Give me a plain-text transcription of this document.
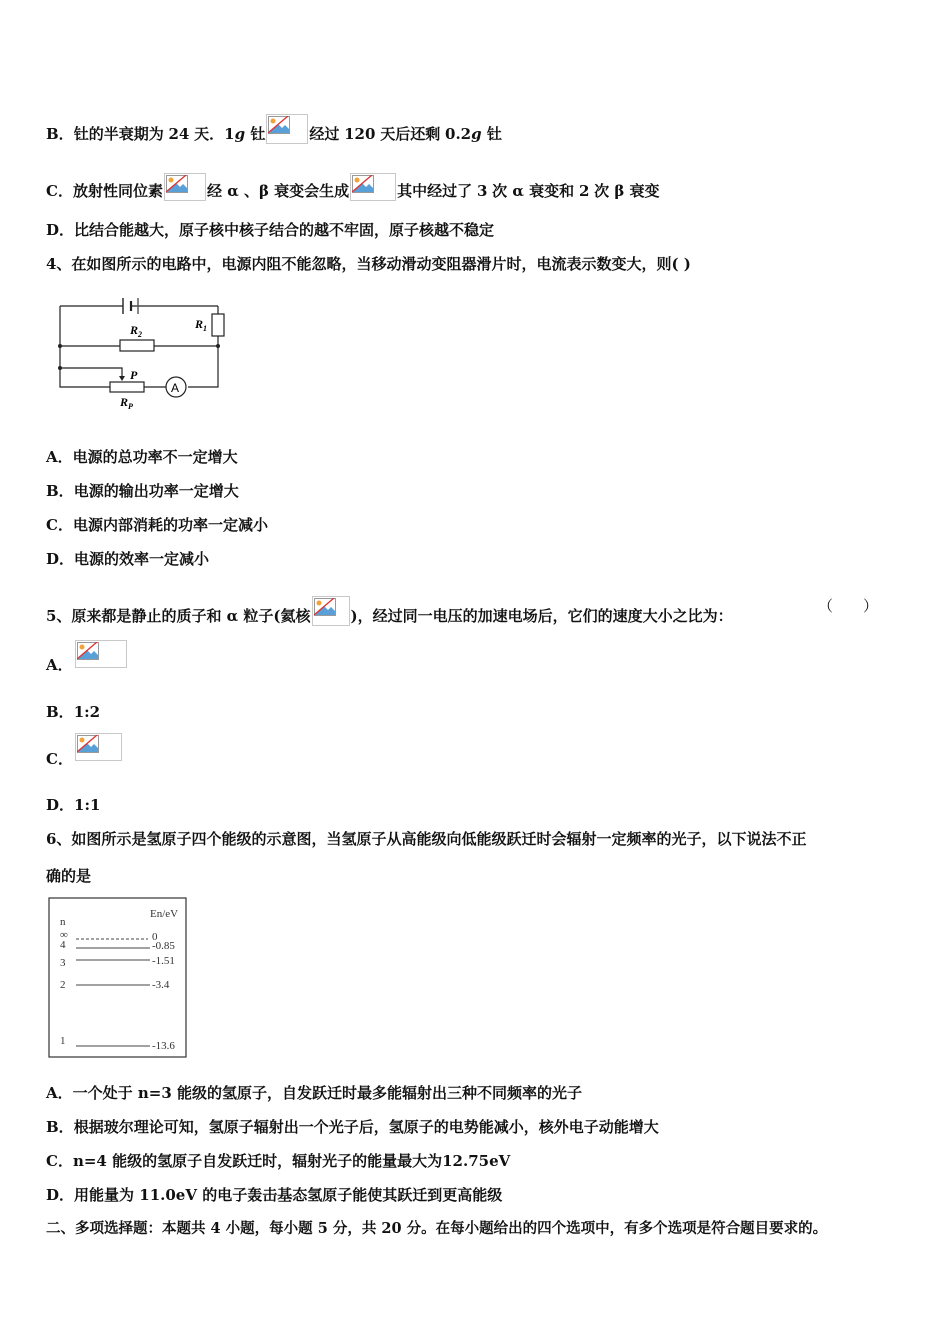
B．钍的半衰期为 24 天．1g 钍	经过 120 天后还剩 0.2g 钍
C．放射性同位素	经 α 、β 衰变会生成	其中经过了 3 次 α 衰变和 2 次 β 衰变
D．比结合能越大，原子核中核子结合的越不牢固，原子核越不稳定
4、在如图所示的电路中，电源内阻不能忽略，当移动滑动变阻器滑片时，电流表示数变大，则( )
$R_1$
$R_2$
P
$R_P$
A
A．电源的总功率不一定增大
B．电源的输出功率一定增大
C．电源内部消耗的功率一定减小
D．电源的效率一定减小
5、原来都是静止的质子和 α 粒子(氦核	)，经过同一电压的加速电场后，它们的速度大小之比为：
（　　）
A．
B．1:2
C．
D．1:1
6、如图所示是氢原子四个能级的示意图，当氢原子从高能级向低能级跃迁时会辐射一定频率的光子，以下说法不正
确的是
n
En/eV
∞	0
4	-0.85
3	-1.51
2	-3.4
1	-13.6
A．一个处于 n=3 能级的氢原子，自发跃迁时最多能辐射出三种不同频率的光子
B．根据玻尔理论可知，氢原子辐射出一个光子后，氢原子的电势能减小，核外电子动能增大
C．n=4 能级的氢原子自发跃迁时，辐射光子的能量最大为12.75eV
D．用能量为 11.0eV 的电子轰击基态氢原子能使其跃迁到更高能级
二、多项选择题：本题共 4 小题，每小题 5 分，共 20 分。在每小题给出的四个选项中，有多个选项是符合题目要求的。
